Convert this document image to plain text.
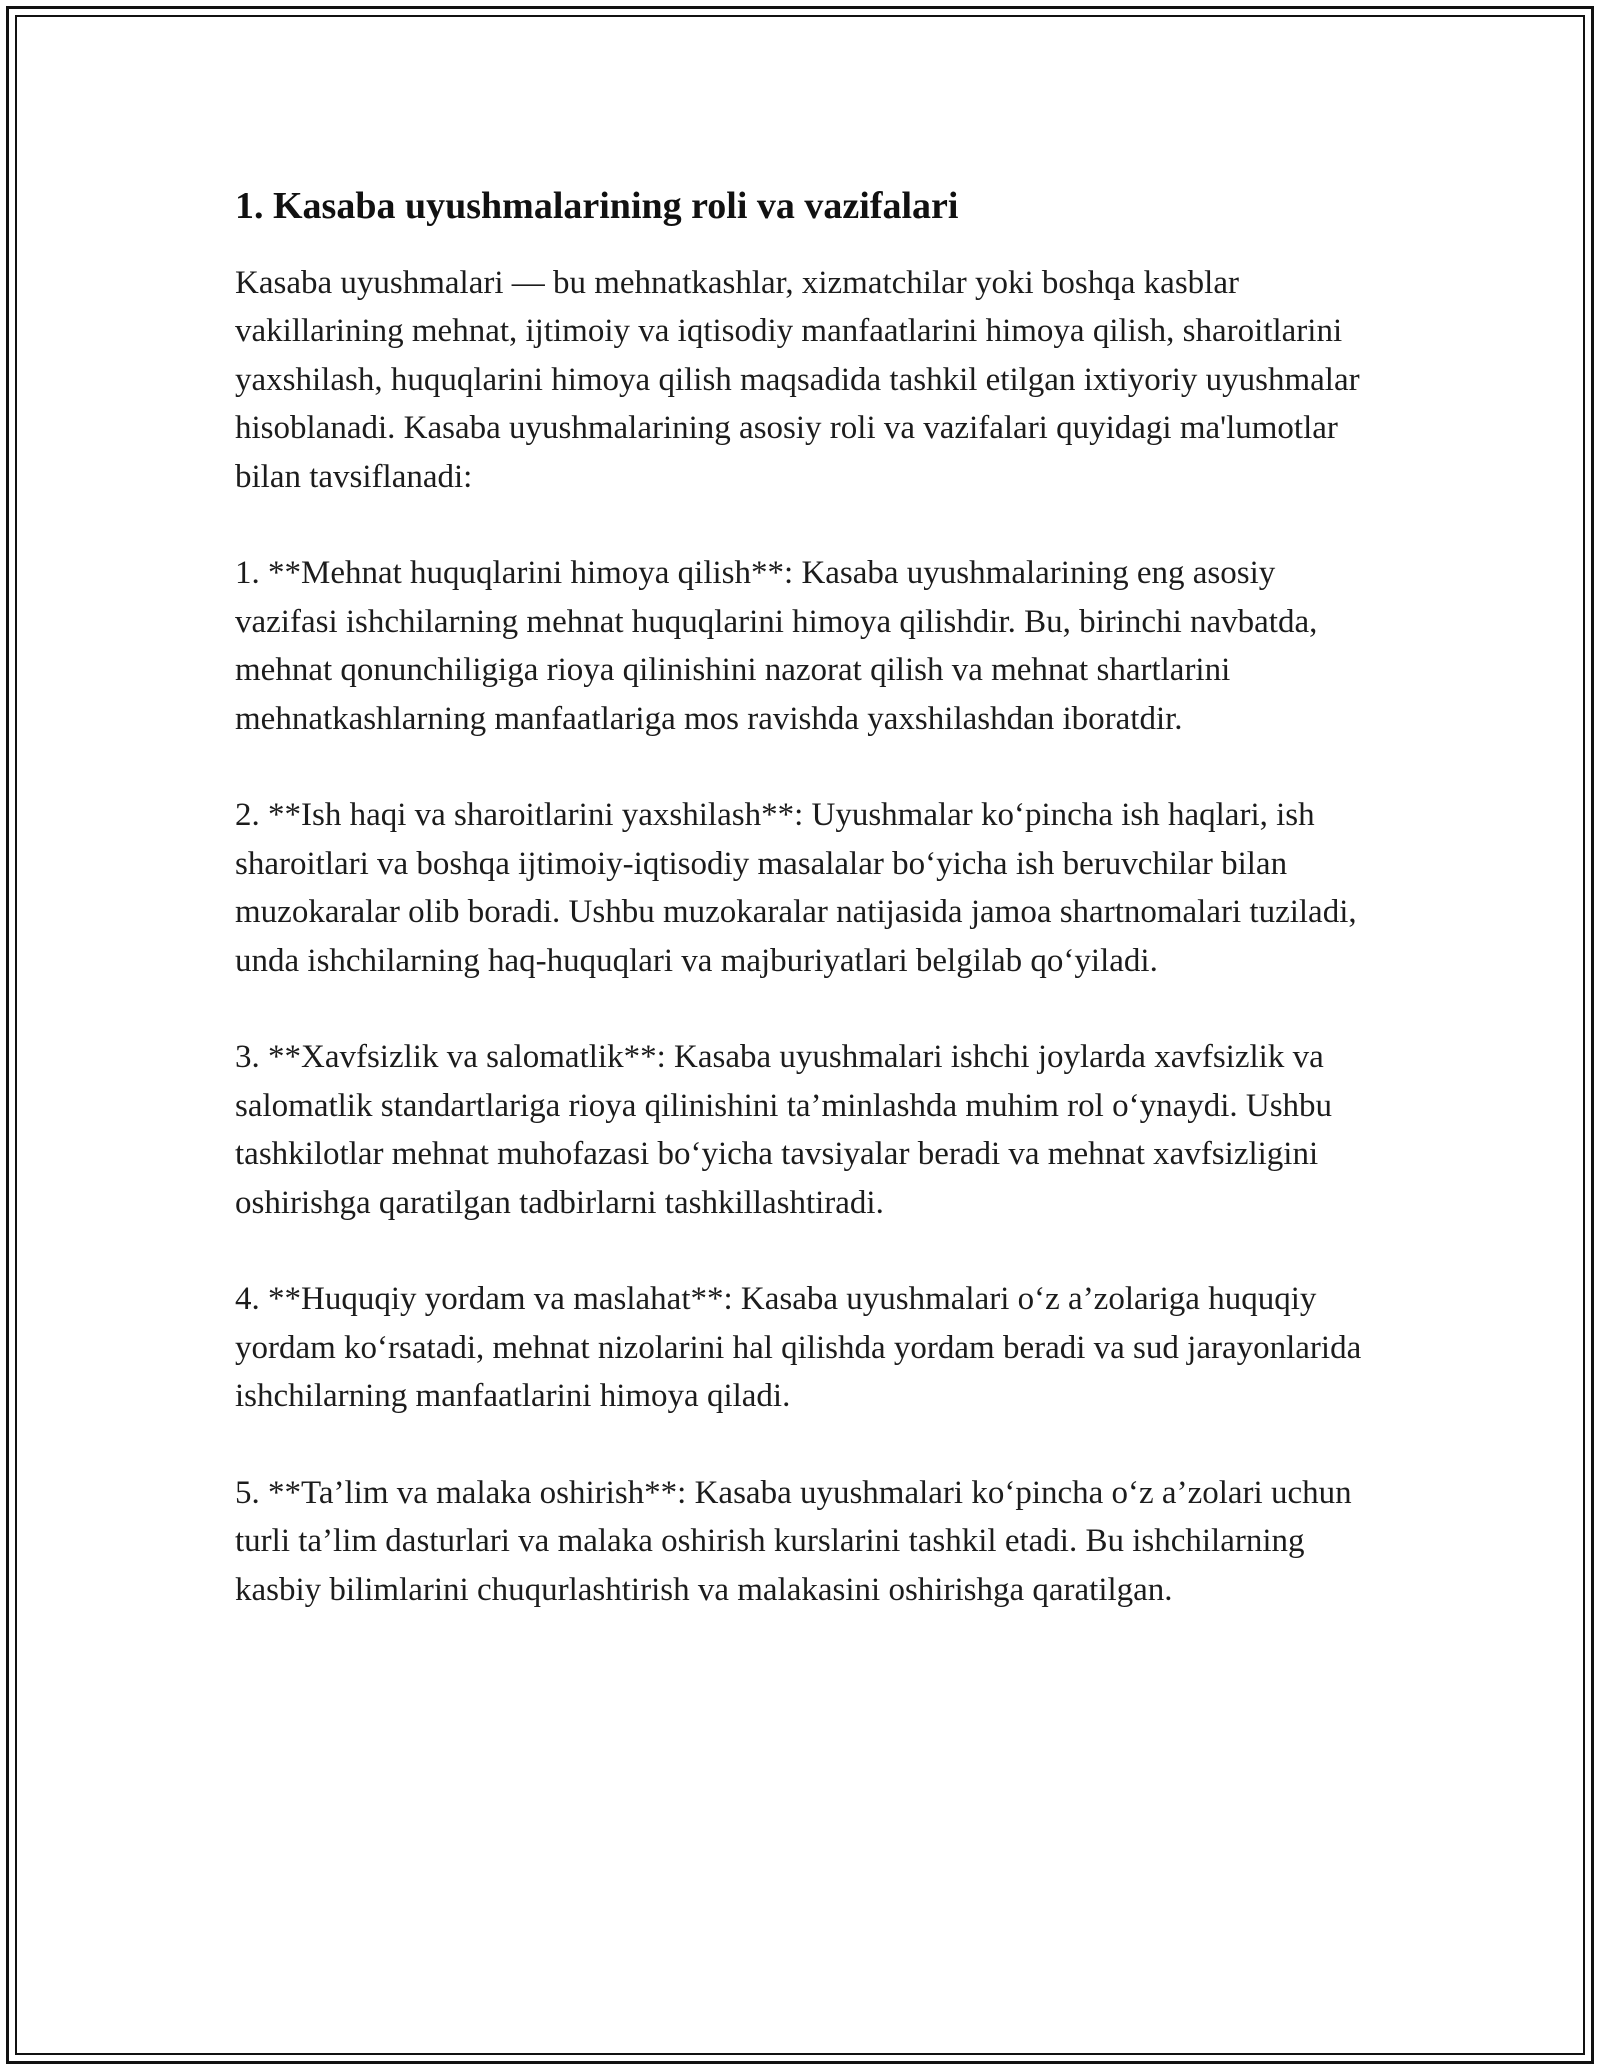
1. Kasaba uyushmalarining roli va vazifalari

Kasaba uyushmalari — bu mehnatkashlar, xizmatchilar yoki boshqa kasblar vakillarining mehnat, ijtimoiy va iqtisodiy manfaatlarini himoya qilish, sharoitlarini yaxshilash, huquqlarini himoya qilish maqsadida tashkil etilgan ixtiyoriy uyushmalar hisoblanadi. Kasaba uyushmalarining asosiy roli va vazifalari quyidagi ma'lumotlar bilan tavsiflanadi:

1. **Mehnat huquqlarini himoya qilish**: Kasaba uyushmalarining eng asosiy vazifasi ishchilarning mehnat huquqlarini himoya qilishdir. Bu, birinchi navbatda, mehnat qonunchiligiga rioya qilinishini nazorat qilish va mehnat shartlarini mehnatkashlarning manfaatlariga mos ravishda yaxshilashdan iboratdir.

2. **Ish haqi va sharoitlarini yaxshilash**: Uyushmalar koʻpincha ish haqlari, ish sharoitlari va boshqa ijtimoiy-iqtisodiy masalalar boʻyicha ish beruvchilar bilan muzokaralar olib boradi. Ushbu muzokaralar natijasida jamoa shartnomalari tuziladi, unda ishchilarning haq-huquqlari va majburiyatlari belgilab qoʻyiladi.

3. **Xavfsizlik va salomatlik**: Kasaba uyushmalari ishchi joylarda xavfsizlik va salomatlik standartlariga rioya qilinishini ta’minlashda muhim rol oʻynaydi. Ushbu tashkilotlar mehnat muhofazasi boʻyicha tavsiyalar beradi va mehnat xavfsizligini oshirishga qaratilgan tadbirlarni tashkillashtiradi.

4. **Huquqiy yordam va maslahat**: Kasaba uyushmalari oʻz a’zolariga huquqiy yordam koʻrsatadi, mehnat nizolarini hal qilishda yordam beradi va sud jarayonlarida ishchilarning manfaatlarini himoya qiladi.

5. **Ta’lim va malaka oshirish**: Kasaba uyushmalari koʻpincha oʻz a’zolari uchun turli ta’lim dasturlari va malaka oshirish kurslarini tashkil etadi. Bu ishchilarning kasbiy bilimlarini chuqurlashtirish va malakasini oshirishga qaratilgan.
